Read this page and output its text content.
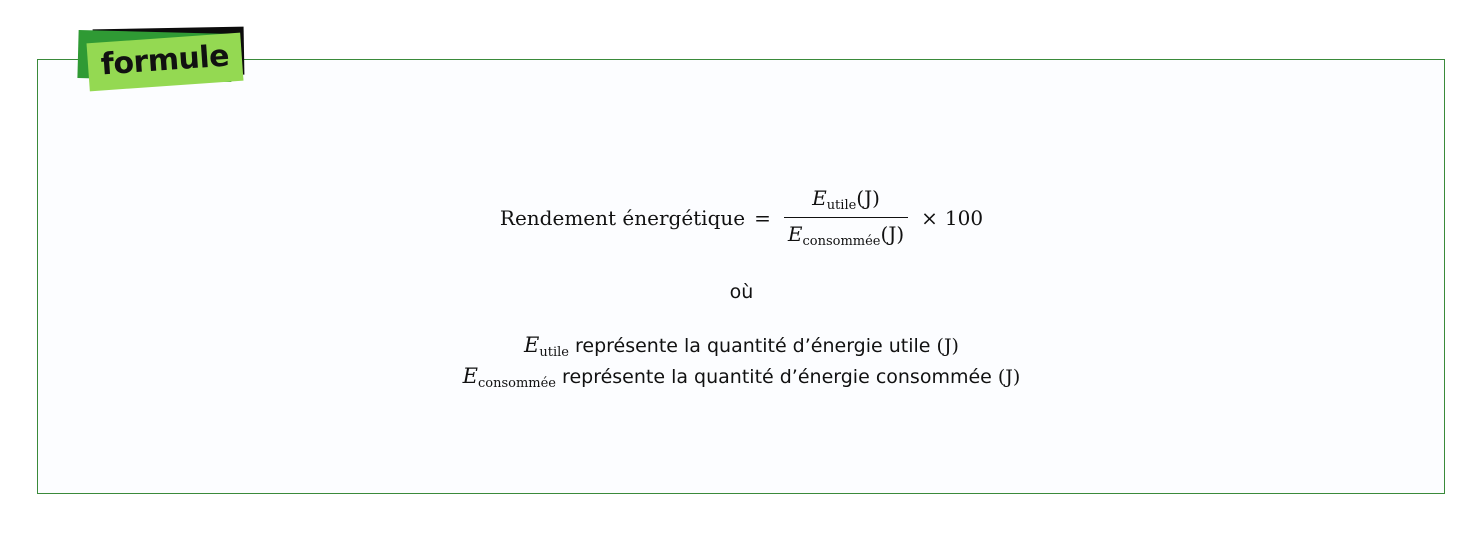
formule
Rendement énergétique = $\frac{E_{utile}(J)}{E_{consommée}(J)} \times 100$
où
$E_{utile}$ représente la quantité d’énergie utile (J)
$E_{consommée}$ représente la quantité d’énergie consommée (J)
